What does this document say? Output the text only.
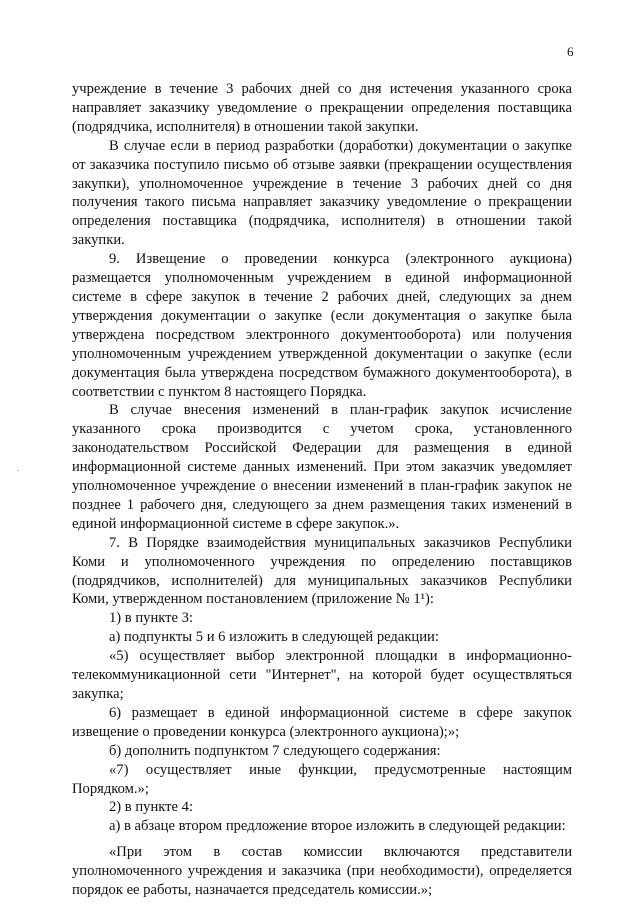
6

учреждение в течение 3 рабочих дней со дня истечения указанного срока направляет заказчику уведомление о прекращении определения поставщика (подрядчика, исполнителя) в отношении такой закупки.

В случае если в период разработки (доработки) документации о закупке от заказчика поступило письмо об отзыве заявки (прекращении осуществления закупки), уполномоченное учреждение в течение 3 рабочих дней со дня получения такого письма направляет заказчику уведомление о прекращении определения поставщика (подрядчика, исполнителя) в отношении такой закупки.

9. Извещение о проведении конкурса (электронного аукциона) размещается уполномоченным учреждением в единой информационной системе в сфере закупок в течение 2 рабочих дней, следующих за днем утверждения документации о закупке (если документация о закупке была утверждена посредством электронного документооборота) или получения уполномоченным учреждением утвержденной документации о закупке (если документация была утверждена посредством бумажного документооборота), в соответствии с пунктом 8 настоящего Порядка.

В случае внесения изменений в план-график закупок исчисление указанного срока производится с учетом срока, установленного законодательством Российской Федерации для размещения в единой информационной системе данных изменений. При этом заказчик уведомляет уполномоченное учреждение о внесении изменений в план-график закупок не позднее 1 рабочего дня, следующего за днем размещения таких изменений в единой информационной системе в сфере закупок.».

7. В Порядке взаимодействия муниципальных заказчиков Республики Коми и уполномоченного учреждения по определению поставщиков (подрядчиков, исполнителей) для муниципальных заказчиков Республики Коми, утвержденном постановлением (приложение № 1¹):

1) в пункте 3:

а) подпункты 5 и 6 изложить в следующей редакции:

«5) осуществляет выбор электронной площадки в информационно-телекоммуникационной сети "Интернет", на которой будет осуществляться закупка;

6) размещает в единой информационной системе в сфере закупок извещение о проведении конкурса (электронного аукциона);»;

б) дополнить подпунктом 7 следующего содержания:

«7) осуществляет иные функции, предусмотренные настоящим Порядком.»;

2) в пункте 4:

а) в абзаце втором предложение второе изложить в следующей редакции:

«При этом в состав комиссии включаются представители уполномоченного учреждения и заказчика (при необходимости), определяется порядок ее работы, назначается председатель комиссии.»;
